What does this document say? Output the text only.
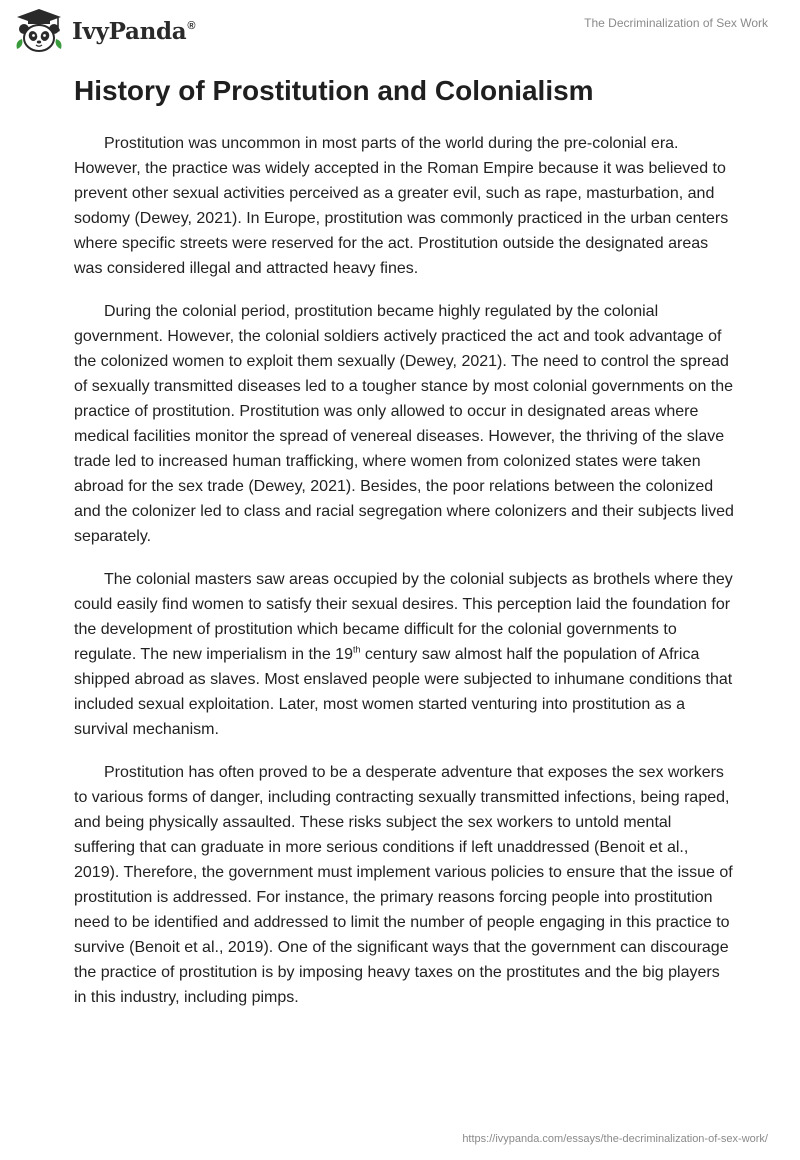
IvyPanda®	The Decriminalization of Sex Work
History of Prostitution and Colonialism

Prostitution was uncommon in most parts of the world during the pre-colonial era. However, the practice was widely accepted in the Roman Empire because it was believed to prevent other sexual activities perceived as a greater evil, such as rape, masturbation, and sodomy (Dewey, 2021). In Europe, prostitution was commonly practiced in the urban centers where specific streets were reserved for the act. Prostitution outside the designated areas was considered illegal and attracted heavy fines.

During the colonial period, prostitution became highly regulated by the colonial government. However, the colonial soldiers actively practiced the act and took advantage of the colonized women to exploit them sexually (Dewey, 2021). The need to control the spread of sexually transmitted diseases led to a tougher stance by most colonial governments on the practice of prostitution. Prostitution was only allowed to occur in designated areas where medical facilities monitor the spread of venereal diseases. However, the thriving of the slave trade led to increased human trafficking, where women from colonized states were taken abroad for the sex trade (Dewey, 2021). Besides, the poor relations between the colonized and the colonizer led to class and racial segregation where colonizers and their subjects lived separately.

The colonial masters saw areas occupied by the colonial subjects as brothels where they could easily find women to satisfy their sexual desires. This perception laid the foundation for the development of prostitution which became difficult for the colonial governments to regulate. The new imperialism in the 19th century saw almost half the population of Africa shipped abroad as slaves. Most enslaved people were subjected to inhumane conditions that included sexual exploitation. Later, most women started venturing into prostitution as a survival mechanism.

Prostitution has often proved to be a desperate adventure that exposes the sex workers to various forms of danger, including contracting sexually transmitted infections, being raped, and being physically assaulted. These risks subject the sex workers to untold mental suffering that can graduate in more serious conditions if left unaddressed (Benoit et al., 2019). Therefore, the government must implement various policies to ensure that the issue of prostitution is addressed. For instance, the primary reasons forcing people into prostitution need to be identified and addressed to limit the number of people engaging in this practice to survive (Benoit et al., 2019). One of the significant ways that the government can discourage the practice of prostitution is by imposing heavy taxes on the prostitutes and the big players in this industry, including pimps.

https://ivypanda.com/essays/the-decriminalization-of-sex-work/
